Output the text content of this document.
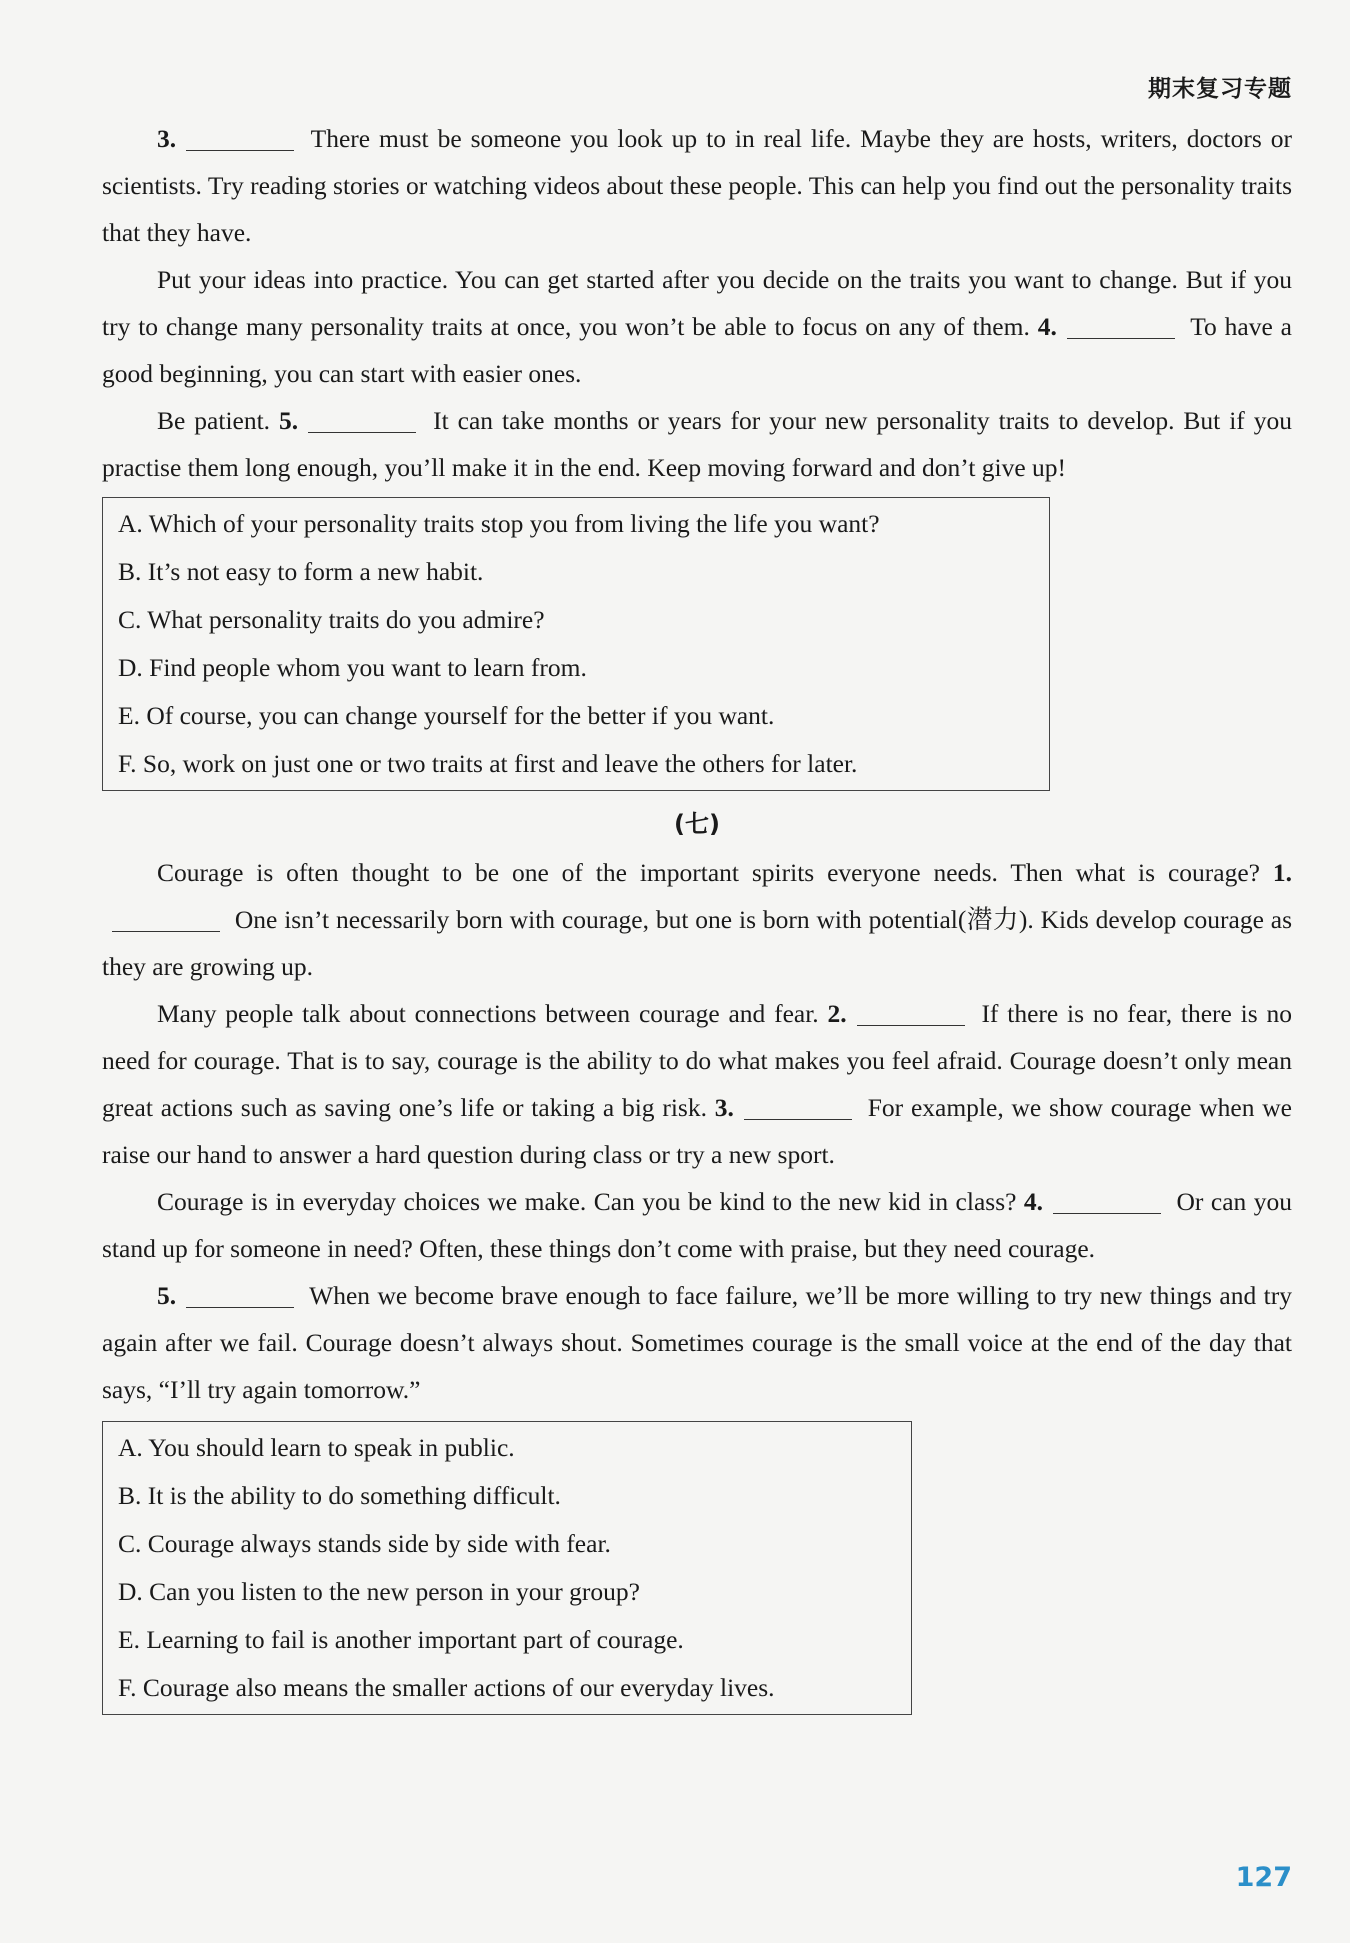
期末复习专题

3.	There must be someone you look up to in real life. Maybe they are hosts, writers, doctors or scientists. Try reading stories or watching videos about these people. This can help you find out the personality traits that they have.

Put your ideas into practice. You can get started after you decide on the traits you want to change. But if you try to change many personality traits at once, you won’t be able to focus on any of them. 4.	To have a good beginning, you can start with easier ones.

Be patient. 5.	It can take months or years for your new personality traits to develop. But if you practise them long enough, you’ll make it in the end. Keep moving forward and don’t give up!

A. Which of your personality traits stop you from living the life you want?
B. It’s not easy to form a new habit.
C. What personality traits do you admire?
D. Find people whom you want to learn from.
E. Of course, you can change yourself for the better if you want.
F. So, work on just one or two traits at first and leave the others for later.
(七)

Courage is often thought to be one of the important spirits everyone needs. Then what is courage? 1. One isn’t necessarily born with courage, but one is born with potential(潜力). Kids develop courage as they are growing up.

Many people talk about connections between courage and fear. 2.	If there is no fear, there is no need for courage. That is to say, courage is the ability to do what makes you feel afraid. Courage doesn’t only mean great actions such as saving one’s life or taking a big risk. 3.	For example, we show courage when we raise our hand to answer a hard question during class or try a new sport.

Courage is in everyday choices we make. Can you be kind to the new kid in class? 4.	Or can you stand up for someone in need? Often, these things don’t come with praise, but they need courage.

5.	When we become brave enough to face failure, we’ll be more willing to try new things and try again after we fail. Courage doesn’t always shout. Sometimes courage is the small voice at the end of the day that says, “I’ll try again tomorrow.”

A. You should learn to speak in public.
B. It is the ability to do something difficult.
C. Courage always stands side by side with fear.
D. Can you listen to the new person in your group?
E. Learning to fail is another important part of courage.
F. Courage also means the smaller actions of our everyday lives.
127
